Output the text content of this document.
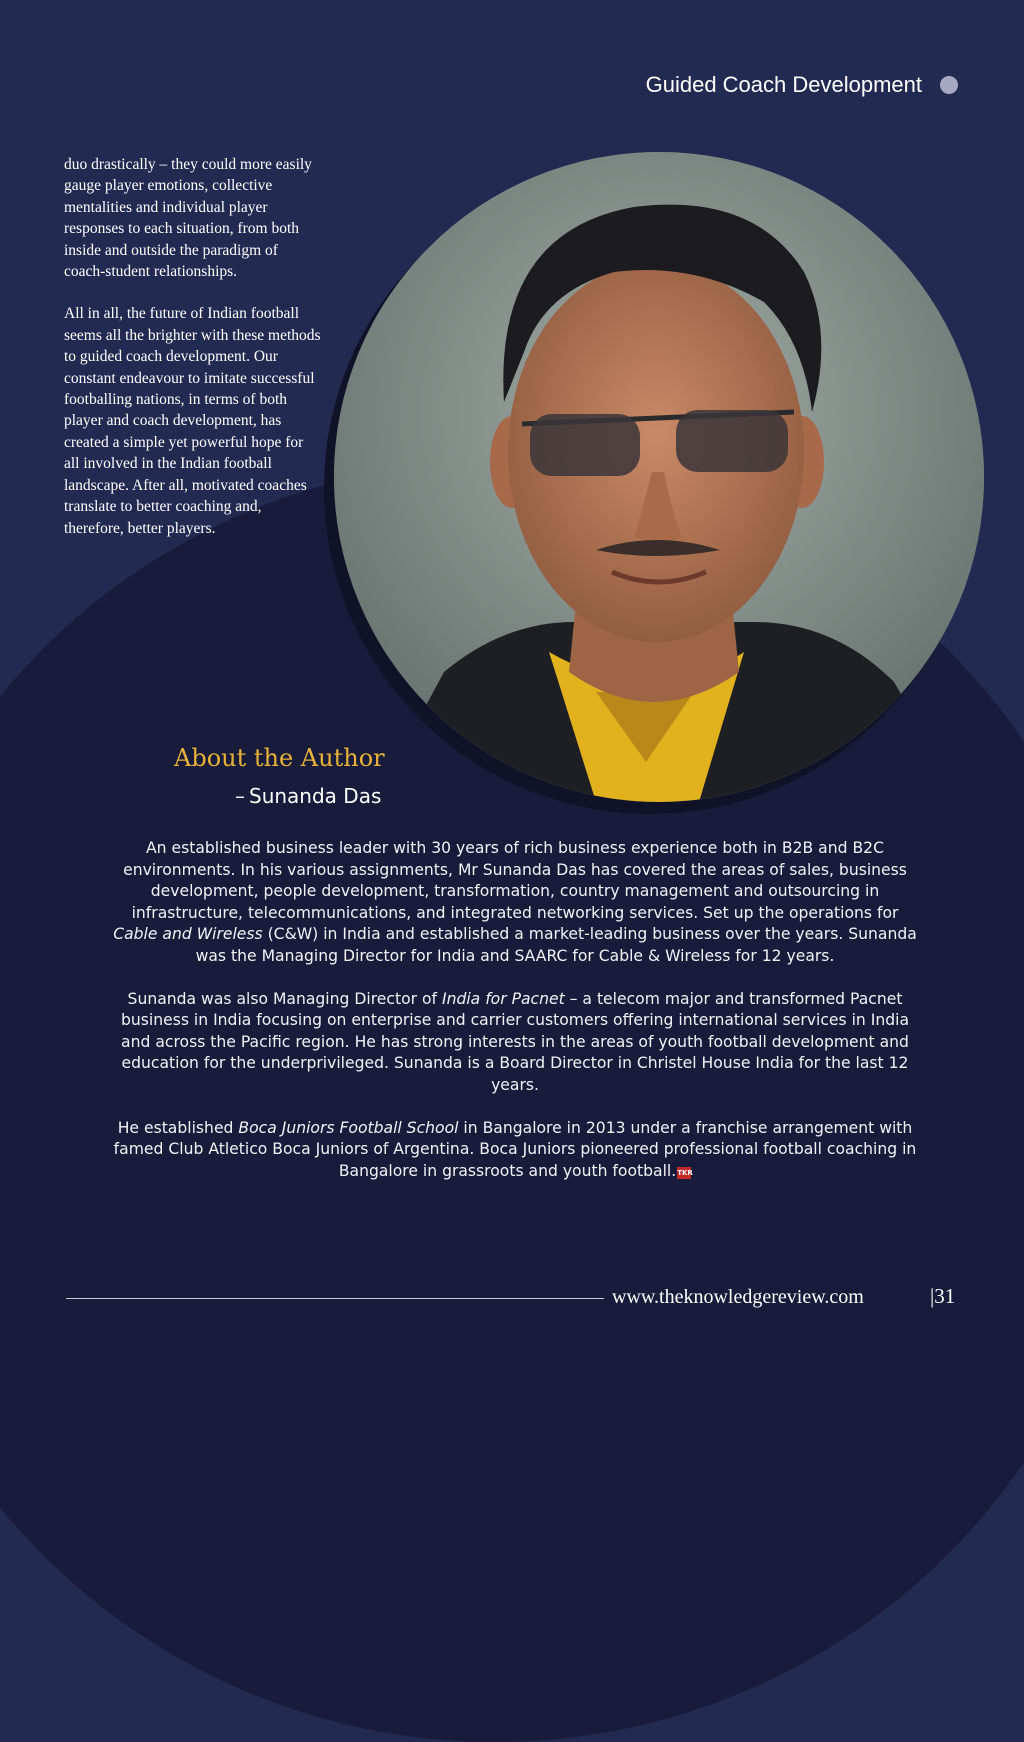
Guided Coach Development

duo drastically – they could more easily gauge player emotions, collective mentalities and individual player responses to each situation, from both inside and outside the paradigm of coach-student relationships.

All in all, the future of Indian football seems all the brighter with these methods to guided coach development. Our constant endeavour to imitate successful footballing nations, in terms of both player and coach development, has created a simple yet powerful hope for all involved in the Indian football landscape. After all, motivated coaches translate to better coaching and, therefore, better players.

About the Author
– Sunanda Das

An established business leader with 30 years of rich business experience both in B2B and B2C environments. In his various assignments, Mr Sunanda Das has covered the areas of sales, business development, people development, transformation, country management and outsourcing in infrastructure, telecommunications, and integrated networking services. Set up the operations for Cable and Wireless (C&W) in India and established a market-leading business over the years. Sunanda was the Managing Director for India and SAARC for Cable & Wireless for 12 years.

Sunanda was also Managing Director of India for Pacnet – a telecom major and transformed Pacnet business in India focusing on enterprise and carrier customers offering international services in India and across the Pacific region. He has strong interests in the areas of youth football development and education for the underprivileged. Sunanda is a Board Director in Christel House India for the last 12 years.

He established Boca Juniors Football School in Bangalore in 2013 under a franchise arrangement with famed Club Atletico Boca Juniors of Argentina. Boca Juniors pioneered professional football coaching in Bangalore in grassroots and youth football.TKR

www.theknowledgereview.com	|31
